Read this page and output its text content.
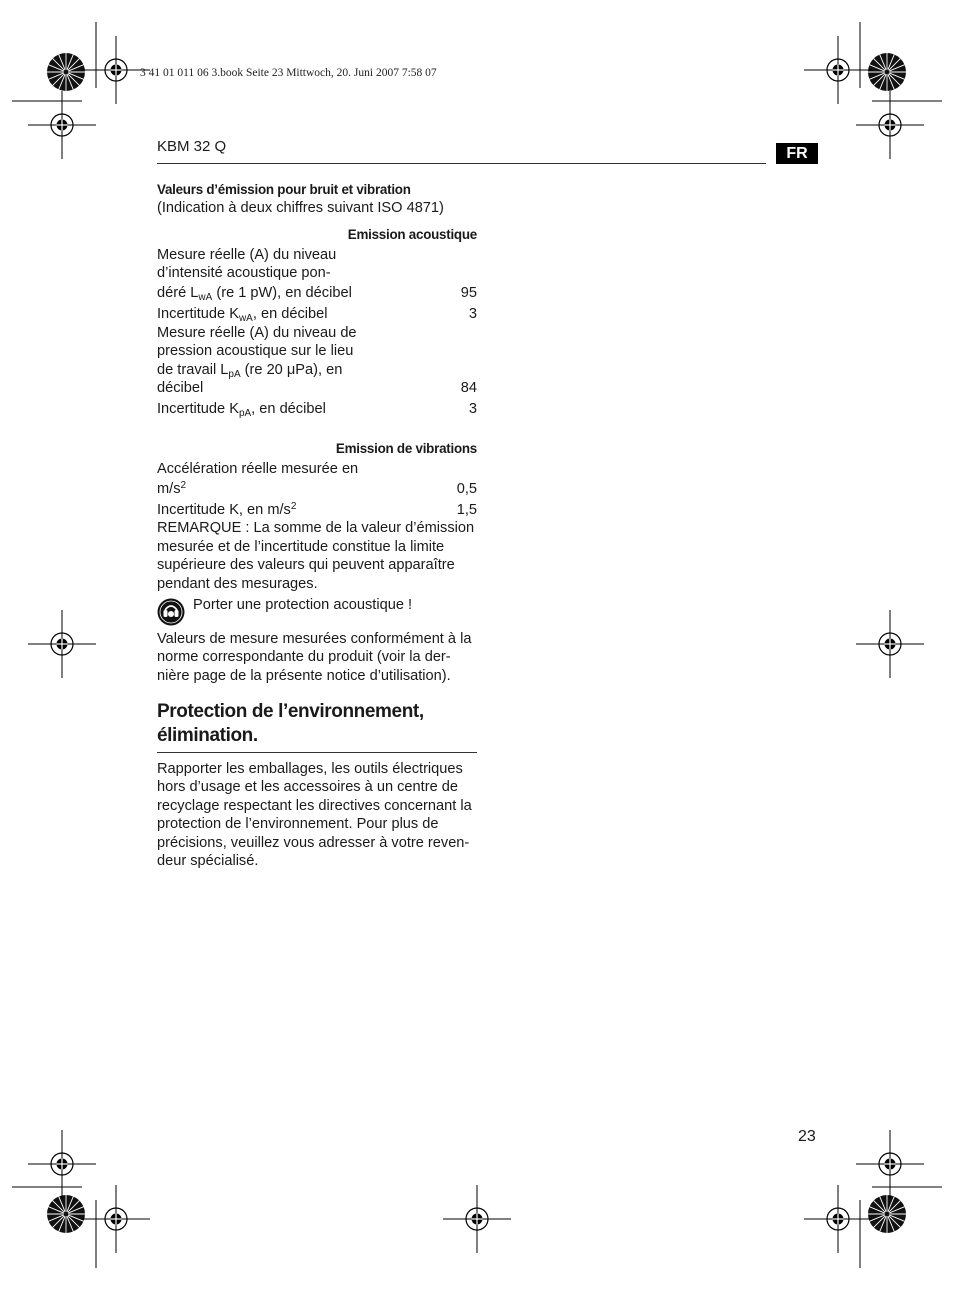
3 41 01 011 06 3.book Seite 23 Mittwoch, 20. Juni 2007 7:58 07
KBM 32 Q	FR
Valeurs d’émission pour bruit et vibration
(Indication à deux chiffres suivant ISO 4871)
Emission acoustique
Mesure réelle (A) du niveau
d’intensité acoustique pon-
déré $L_{wA}$ (re 1 pW), en décibel	95
Incertitude $K_{wA}$, en décibel	3
Mesure réelle (A) du niveau de
pression acoustique sur le lieu
de travail $L_{pA}$ (re 20 μPa), en
décibel	84
Incertitude $K_{pA}$, en décibel	3
Emission de vibrations
Accélération réelle mesurée en
$m/s^2$	0,5
Incertitude K, en $m/s^2$	1,5

REMARQUE : La somme de la valeur d’émission mesurée et de l’incertitude constitue la limite supérieure des valeurs qui peuvent apparaître pendant des mesurages.

Porter une protection acoustique !
Valeurs de mesure mesurées conformément à la norme correspondante du produit (voir la der-nière page de la présente notice d’utilisation).
Protection de l’environnement, élimination.
Rapporter les emballages, les outils électriques hors d’usage et les accessoires à un centre de recyclage respectant les directives concernant la protection de l’environnement. Pour plus de précisions, veuillez vous adresser à votre reven-deur spécialisé.
23
